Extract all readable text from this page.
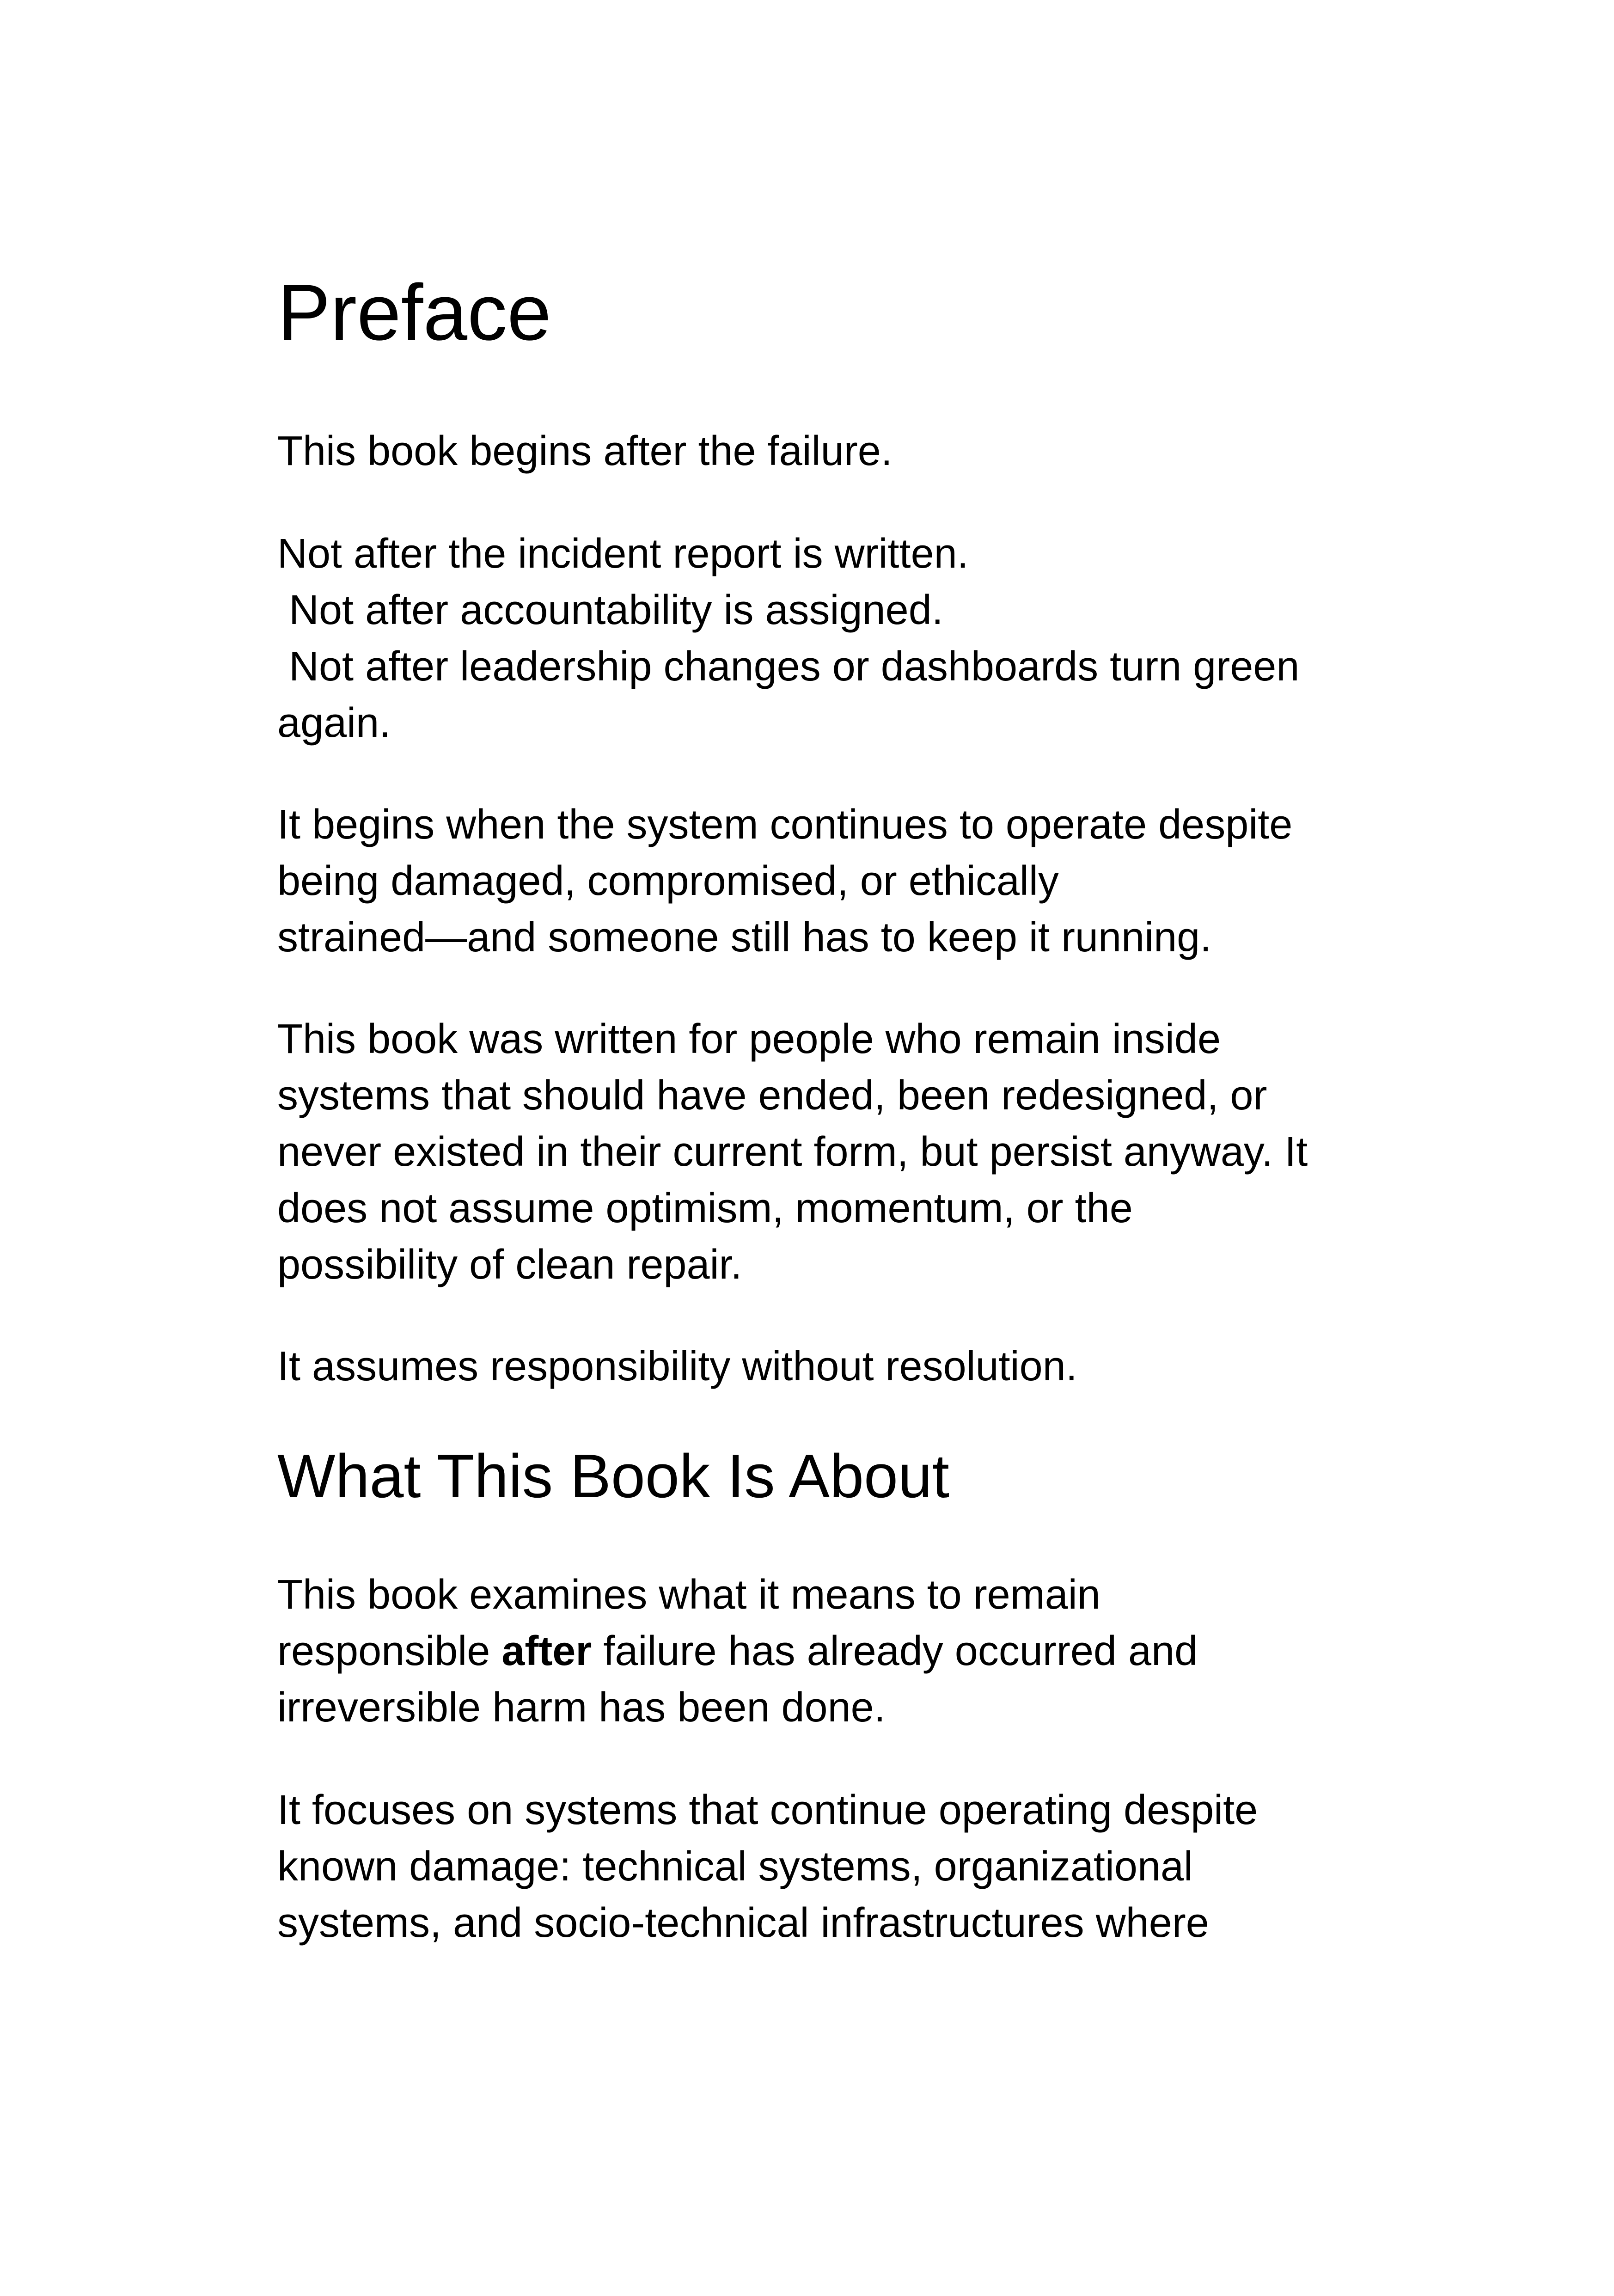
Preface

This book begins after the failure.

Not after the incident report is written.
Not after accountability is assigned.
Not after leadership changes or dashboards turn green
again.

It begins when the system continues to operate despite
being damaged, compromised, or ethically
strained—and someone still has to keep it running.

This book was written for people who remain inside
systems that should have ended, been redesigned, or
never existed in their current form, but persist anyway. It
does not assume optimism, momentum, or the
possibility of clean repair.

It assumes responsibility without resolution.

What This Book Is About

This book examines what it means to remain
responsible after failure has already occurred and
irreversible harm has been done.

It focuses on systems that continue operating despite
known damage: technical systems, organizational
systems, and socio-technical infrastructures where
